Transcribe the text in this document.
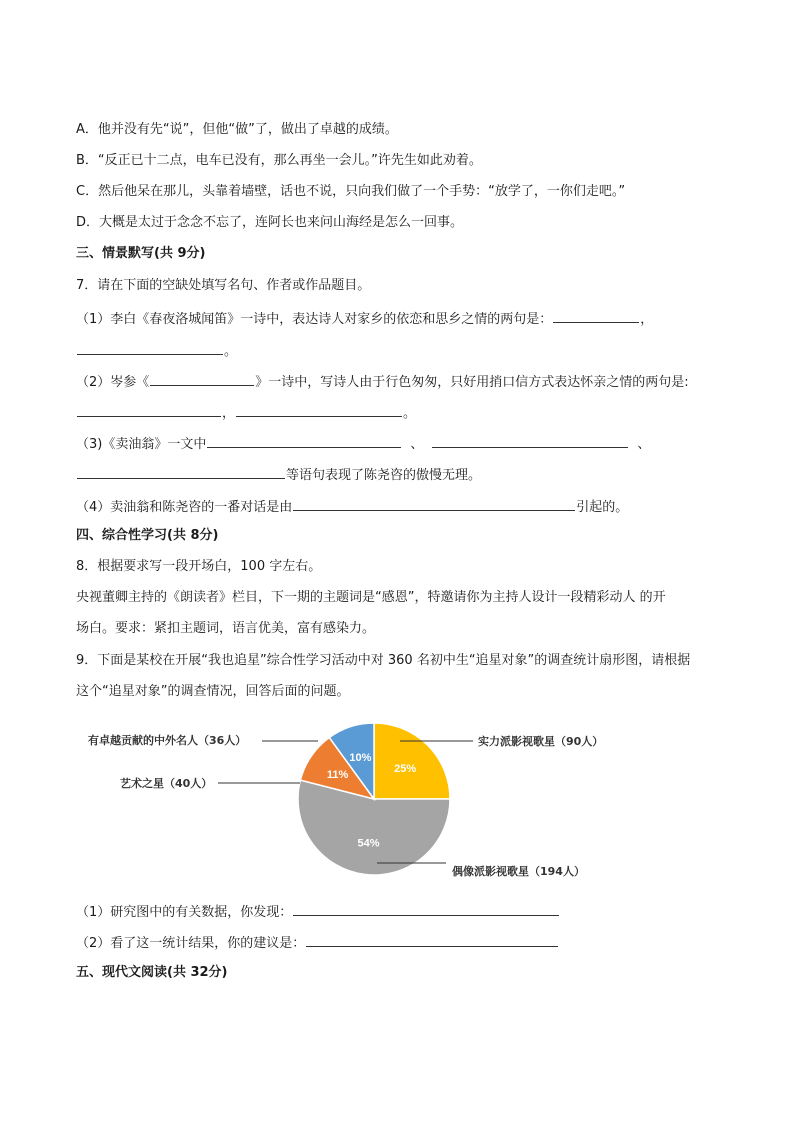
A．他并没有先“说”，但他“做”了，做出了卓越的成绩。
B．“反正已十二点，电车已没有，那么再坐一会儿。”许先生如此劝着。
C．然后他呆在那儿，头靠着墙壁，话也不说，只向我们做了一个手势：“放学了，一你们走吧。”
D．大概是太过于念念不忘了，连阿长也来问山海经是怎么一回事。
三、情景默写(共 9分)
7．请在下面的空缺处填写名句、作者或作品题目。
（1）李白《春夜洛城闻笛》一诗中，表达诗人对家乡的依恋和思乡之情的两句是：	，
。
（2）岑参《	》一诗中，写诗人由于行色匆匆，只好用捎口信方式表达怀亲之情的两句是:
，	。
（3)《卖油翁》一文中	、	、
等语句表现了陈尧咨的傲慢无理。
（4）卖油翁和陈尧咨的一番对话是由	引起的。
四、综合性学习(共 8分)
8．根据要求写一段开场白，100 字左右。
央视董卿主持的《朗读者》栏目，下一期的主题词是“感恩”，特邀请你为主持人设计一段精彩动人 的开
场白。要求：紧扣主题词，语言优美，富有感染力。
9．下面是某校在开展“我也追星”综合性学习活动中对 360 名初中生“追星对象”的调查统计扇形图，请根据
这个“追星对象”的调查情况，回答后面的问题。
25%
54%
11%
10%
有卓越贡献的中外名人（36人）
艺术之星（40人）
实力派影视歌星（90人）
偶像派影视歌星（194人）
（1）研究图中的有关数据，你发现：
（2）看了这一统计结果，你的建议是：
五、现代文阅读(共 32分)
